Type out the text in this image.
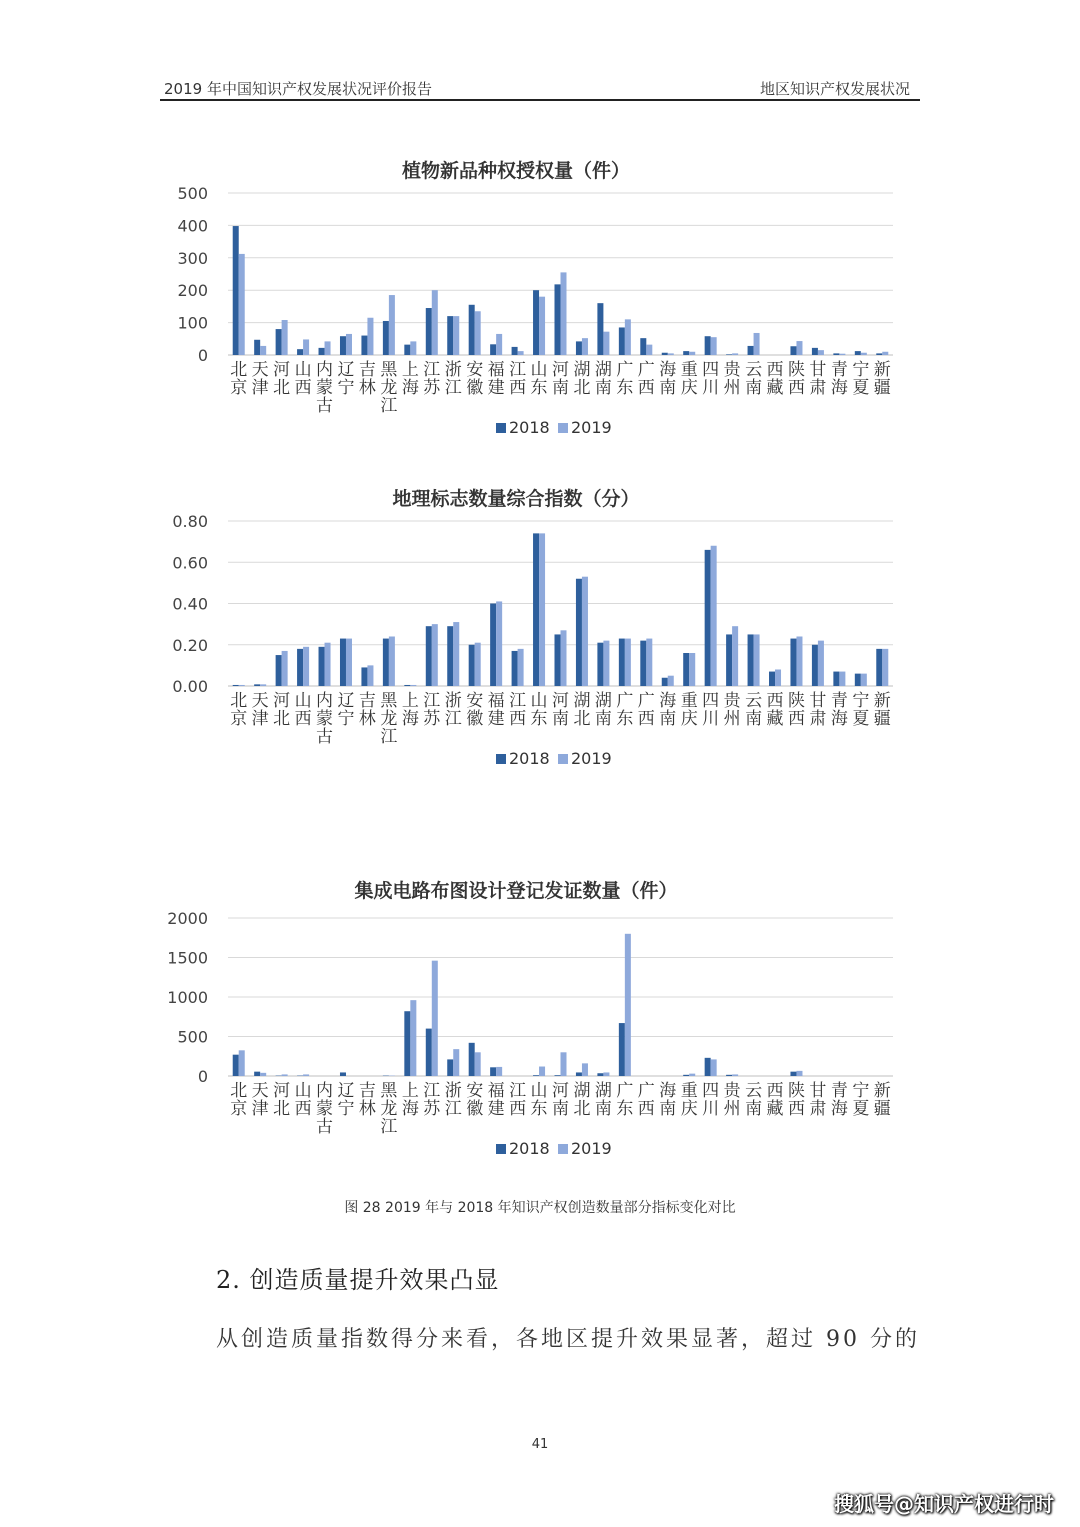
2019 年中国知识产权发展状况评价报告	地区知识产权发展状况
植物新品种权授权量（件）
0
100
200
300
400
500
北京
天津
河北
山西
内蒙古
辽宁
吉林
黑龙江
上海
江苏
浙江
安徽
福建
江西
山东
河南
湖北
湖南
广东
广西
海南
重庆
四川
贵州
云南
西藏
陕西
甘肃
青海
宁夏
新疆
2018 2019
地理标志数量综合指数（分）
0.00
0.20
0.40
0.60
0.80
北京
天津
河北
山西
内蒙古
辽宁
吉林
黑龙江
上海
江苏
浙江
安徽
福建
江西
山东
河南
湖北
湖南
广东
广西
海南
重庆
四川
贵州
云南
西藏
陕西
甘肃
青海
宁夏
新疆
2018 2019
集成电路布图设计登记发证数量（件）
0
500
1000
1500
2000
北京
天津
河北
山西
内蒙古
辽宁
吉林
黑龙江
上海
江苏
浙江
安徽
福建
江西
山东
河南
湖北
湖南
广东
广西
海南
重庆
四川
贵州
云南
西藏
陕西
甘肃
青海
宁夏
新疆
2018 2019
图 28 2019 年与 2018 年知识产权创造数量部分指标变化对比
2. 创造质量提升效果凸显
从创造质量指数得分来看，各地区提升效果显著，超过 90 分的
41
搜狐号@知识产权进行时
